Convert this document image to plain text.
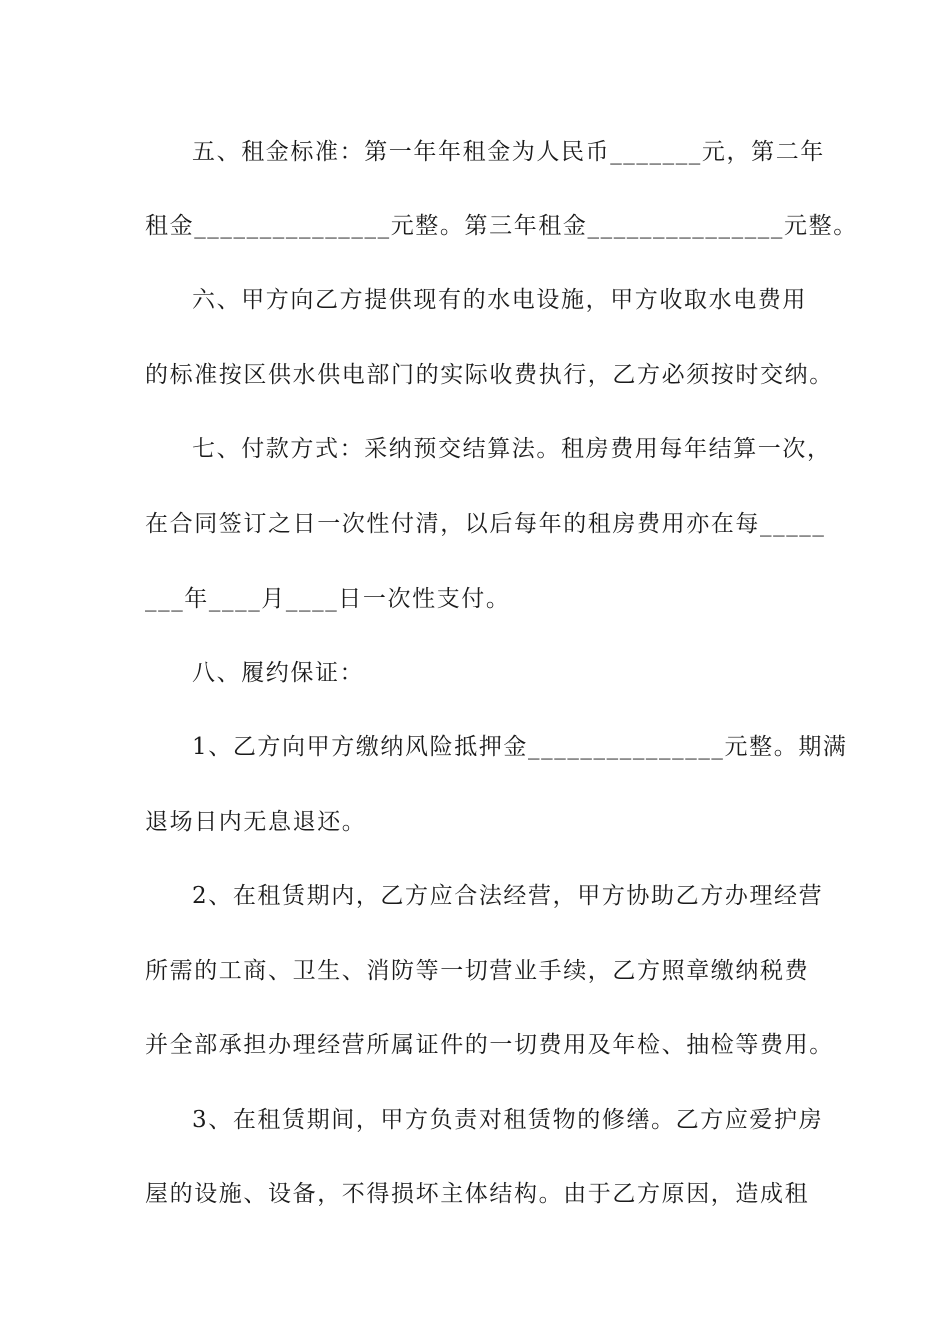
五、租金标准：第一年年租金为人民币_______元，第二年
租金_______________元整。第三年租金_______________元整。
六、甲方向乙方提供现有的水电设施，甲方收取水电费用
的标准按区供水供电部门的实际收费执行，乙方必须按时交纳。
七、付款方式：采纳预交结算法。租房费用每年结算一次，
在合同签订之日一次性付清，以后每年的租房费用亦在每_____
___年____月____日一次性支付。
八、履约保证：
1、乙方向甲方缴纳风险抵押金_______________元整。期满
退场日内无息退还。
2、在租赁期内，乙方应合法经营，甲方协助乙方办理经营
所需的工商、卫生、消防等一切营业手续，乙方照章缴纳税费
并全部承担办理经营所属证件的一切费用及年检、抽检等费用。
3、在租赁期间，甲方负责对租赁物的修缮。乙方应爱护房
屋的设施、设备，不得损坏主体结构。由于乙方原因，造成租
